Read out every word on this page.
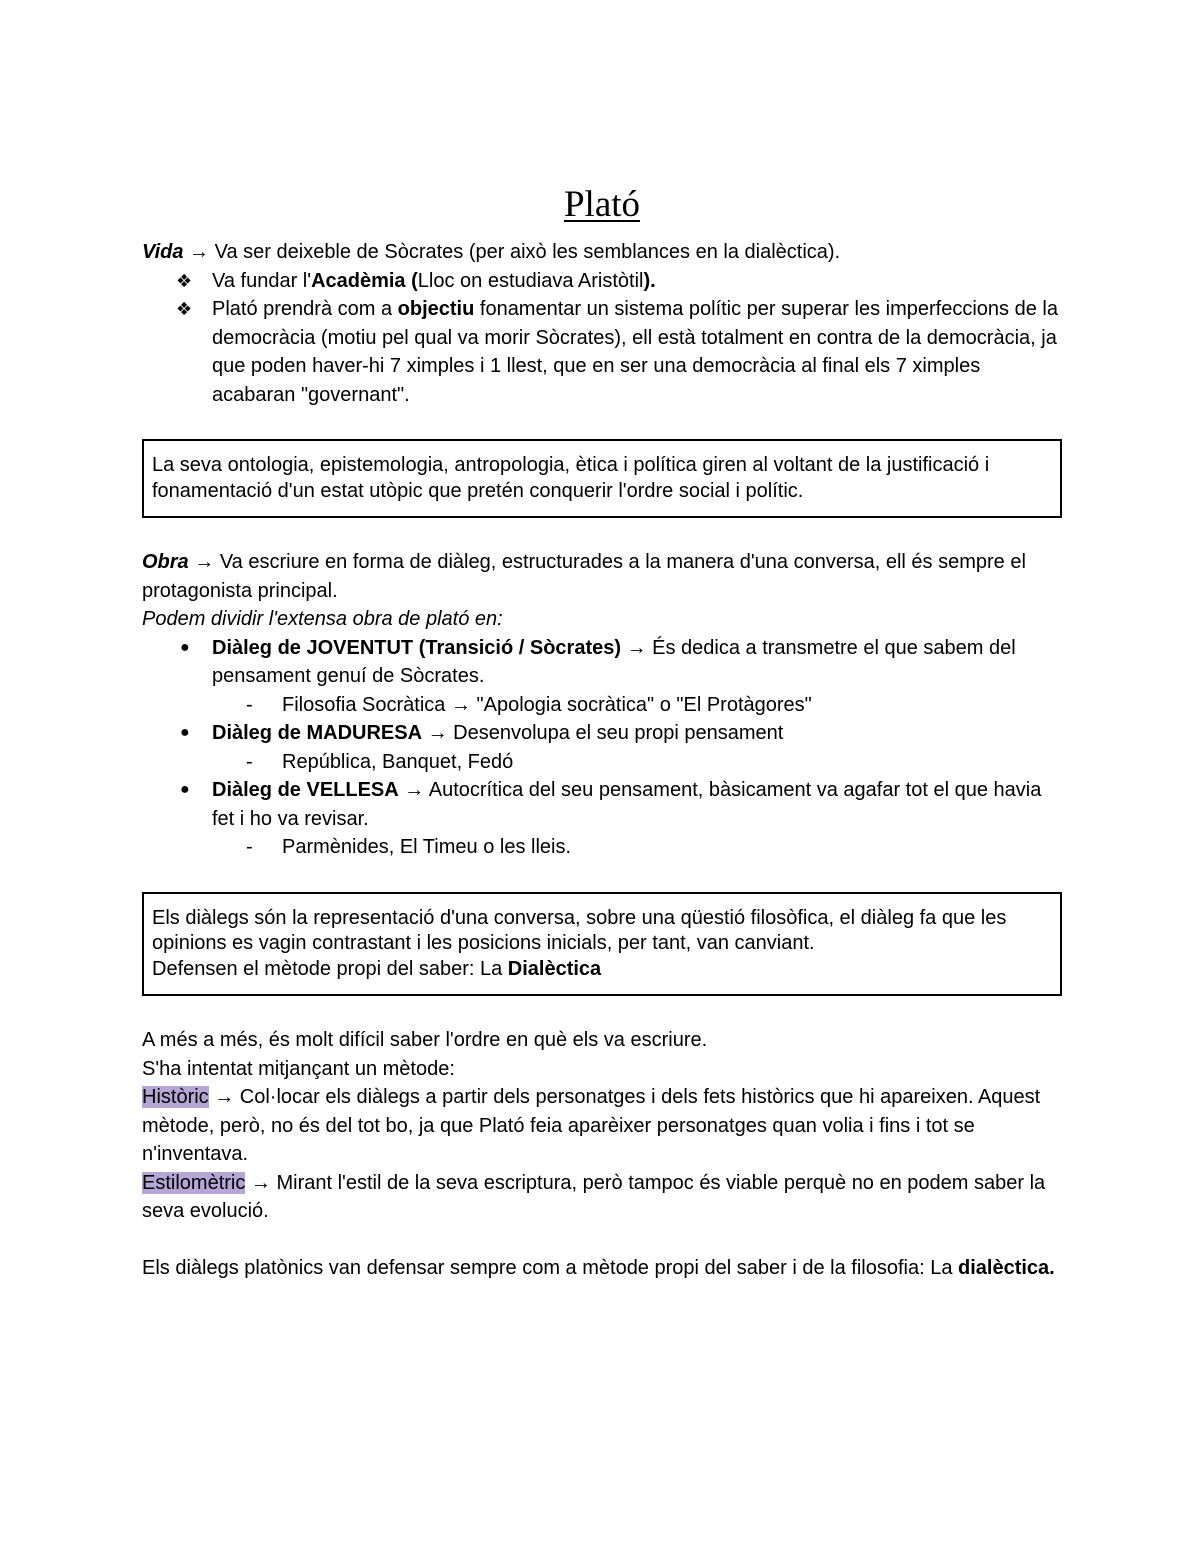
Plató

Vida → Va ser deixeble de Sòcrates (per això les semblances en la dialèctica).

❖ Va fundar l'Acadèmia (Lloc on estudiava Aristòtil).
❖ Plató prendrà com a objectiu fonamentar un sistema polític per superar les imperfeccions de la democràcia (motiu pel qual va morir Sòcrates), ell està totalment en contra de la democràcia, ja que poden haver-hi 7 ximples i 1 llest, que en ser una democràcia al final els 7 ximples acabaran "governant".
La seva ontologia, epistemologia, antropologia, ètica i política giren al voltant de la justificació i fonamentació d'un estat utòpic que pretén conquerir l'ordre social i polític.

Obra → Va escriure en forma de diàleg, estructurades a la manera d'una conversa, ell és sempre el protagonista principal.

Podem dividir l'extensa obra de plató en:

● Diàleg de JOVENTUT (Transició / Sòcrates) → És dedica a transmetre el que sabem del pensament genuí de Sòcrates.
- Filosofia Socràtica → "Apologia socràtica" o "El Protàgores"
● Diàleg de MADURESA → Desenvolupa el seu propi pensament
- República, Banquet, Fedó
● Diàleg de VELLESA → Autocrítica del seu pensament, bàsicament va agafar tot el que havia fet i ho va revisar.
- Parmènides, El Timeu o les lleis.
Els diàlegs són la representació d'una conversa, sobre una qüestió filosòfica, el diàleg fa que les opinions es vagin contrastant i les posicions inicials, per tant, van canviant.
Defensen el mètode propi del saber: La Dialèctica

A més a més, és molt difícil saber l'ordre en què els va escriure.

S'ha intentat mitjançant un mètode:

Històric → Col·locar els diàlegs a partir dels personatges i dels fets històrics que hi apareixen. Aquest mètode, però, no és del tot bo, ja que Plató feia aparèixer personatges quan volia i fins i tot se n'inventava.

Estilomètric → Mirant l'estil de la seva escriptura, però tampoc és viable perquè no en podem saber la seva evolució.

Els diàlegs platònics van defensar sempre com a mètode propi del saber i de la filosofia: La dialèctica.
